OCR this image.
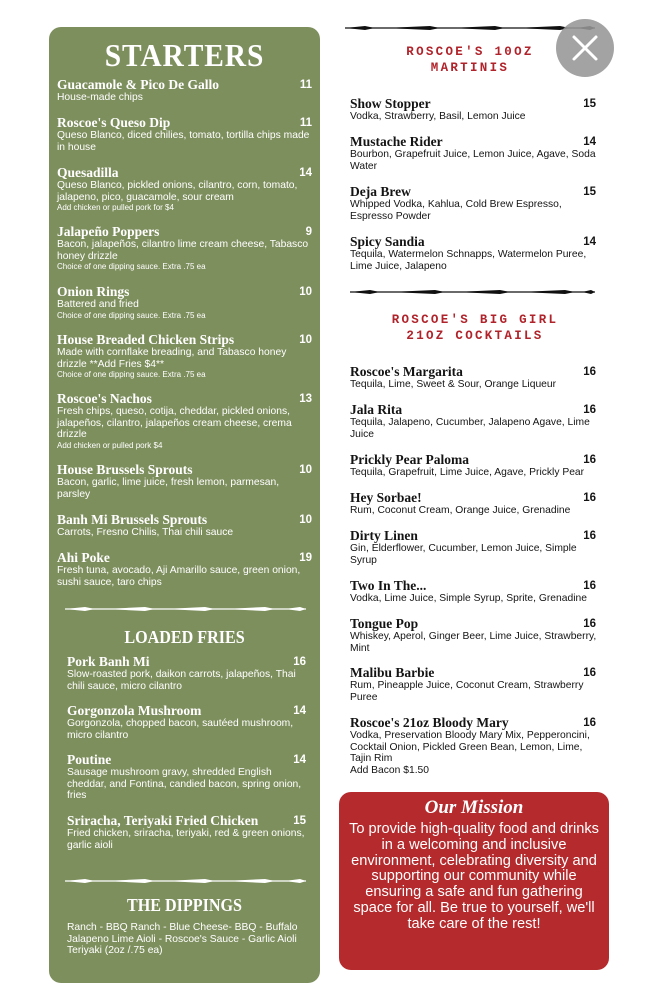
STARTERS
Guacamole & Pico De Gallo	11
House-made chips
Roscoe's Queso Dip	11
Queso Blanco, diced chilies, tomato, tortilla chips made in house
Quesadilla	14
Queso Blanco, pickled onions, cilantro, corn, tomato, jalapeno, pico, guacamole, sour cream
Add chicken or pulled pork for $4
Jalapeño Poppers	9
Bacon, jalapeños, cilantro lime cream cheese, Tabasco honey drizzle
Choice of one dipping sauce. Extra .75 ea
Onion Rings	10
Battered and fried
Choice of one dipping sauce. Extra .75 ea
House Breaded Chicken Strips	10
Made with cornflake breading, and Tabasco honey drizzle **Add Fries $4**
Choice of one dipping sauce. Extra .75 ea
Roscoe's Nachos	13
Fresh chips, queso, cotija, cheddar, pickled onions, jalapeños, cilantro, jalapeños cream cheese, crema drizzle
Add chicken or pulled pork $4
House Brussels Sprouts	10
Bacon, garlic, lime juice, fresh lemon, parmesan, parsley
Banh Mi Brussels Sprouts	10
Carrots, Fresno Chilis, Thai chili sauce
Ahi Poke	19
Fresh tuna, avocado, Aji Amarillo sauce, green onion, sushi sauce, taro chips
LOADED FRIES
Pork Banh Mi	16
Slow-roasted pork, daikon carrots, jalapeños, Thai chili sauce, micro cilantro
Gorgonzola Mushroom	14
Gorgonzola, chopped bacon, sautéed mushroom, micro cilantro
Poutine	14
Sausage mushroom gravy, shredded English cheddar, and Fontina, candied bacon, spring onion, fries
Sriracha, Teriyaki Fried Chicken	15
Fried chicken, sriracha, teriyaki, red & green onions, garlic aioli
THE DIPPINGS
Ranch - BBQ Ranch - Blue Cheese- BBQ - Buffalo Jalapeno Lime Aioli - Roscoe's Sauce - Garlic Aioli Teriyaki (2oz /.75 ea)
ROSCOE'S 10OZ
MARTINIS
Show Stopper	15
Vodka, Strawberry, Basil, Lemon Juice
Mustache Rider	14
Bourbon, Grapefruit Juice, Lemon Juice, Agave, Soda Water
Deja Brew	15
Whipped Vodka, Kahlua, Cold Brew Espresso, Espresso Powder
Spicy Sandia	14
Tequila, Watermelon Schnapps, Watermelon Puree, Lime Juice, Jalapeno
ROSCOE'S BIG GIRL
21OZ COCKTAILS
Roscoe's Margarita	16
Tequila, Lime, Sweet & Sour, Orange Liqueur
Jala Rita	16
Tequila, Jalapeno, Cucumber, Jalapeno Agave, Lime Juice
Prickly Pear Paloma	16
Tequila, Grapefruit, Lime Juice, Agave, Prickly Pear
Hey Sorbae!	16
Rum, Coconut Cream, Orange Juice, Grenadine
Dirty Linen	16
Gin, Elderflower, Cucumber, Lemon Juice, Simple Syrup
Two In The...	16
Vodka, Lime Juice, Simple Syrup, Sprite, Grenadine
Tongue Pop	16
Whiskey, Aperol, Ginger Beer, Lime Juice, Strawberry, Mint
Malibu Barbie	16
Rum, Pineapple Juice, Coconut Cream, Strawberry Puree
Roscoe's 21oz Bloody Mary	16
Vodka, Preservation Bloody Mary Mix, Pepperoncini, Cocktail Onion, Pickled Green Bean, Lemon, Lime, Tajin Rim
Add Bacon $1.50
Our Mission
To provide high-quality food and drinks in a welcoming and inclusive environment, celebrating diversity and supporting our community while ensuring a safe and fun gathering space for all. Be true to yourself, we'll take care of the rest!
